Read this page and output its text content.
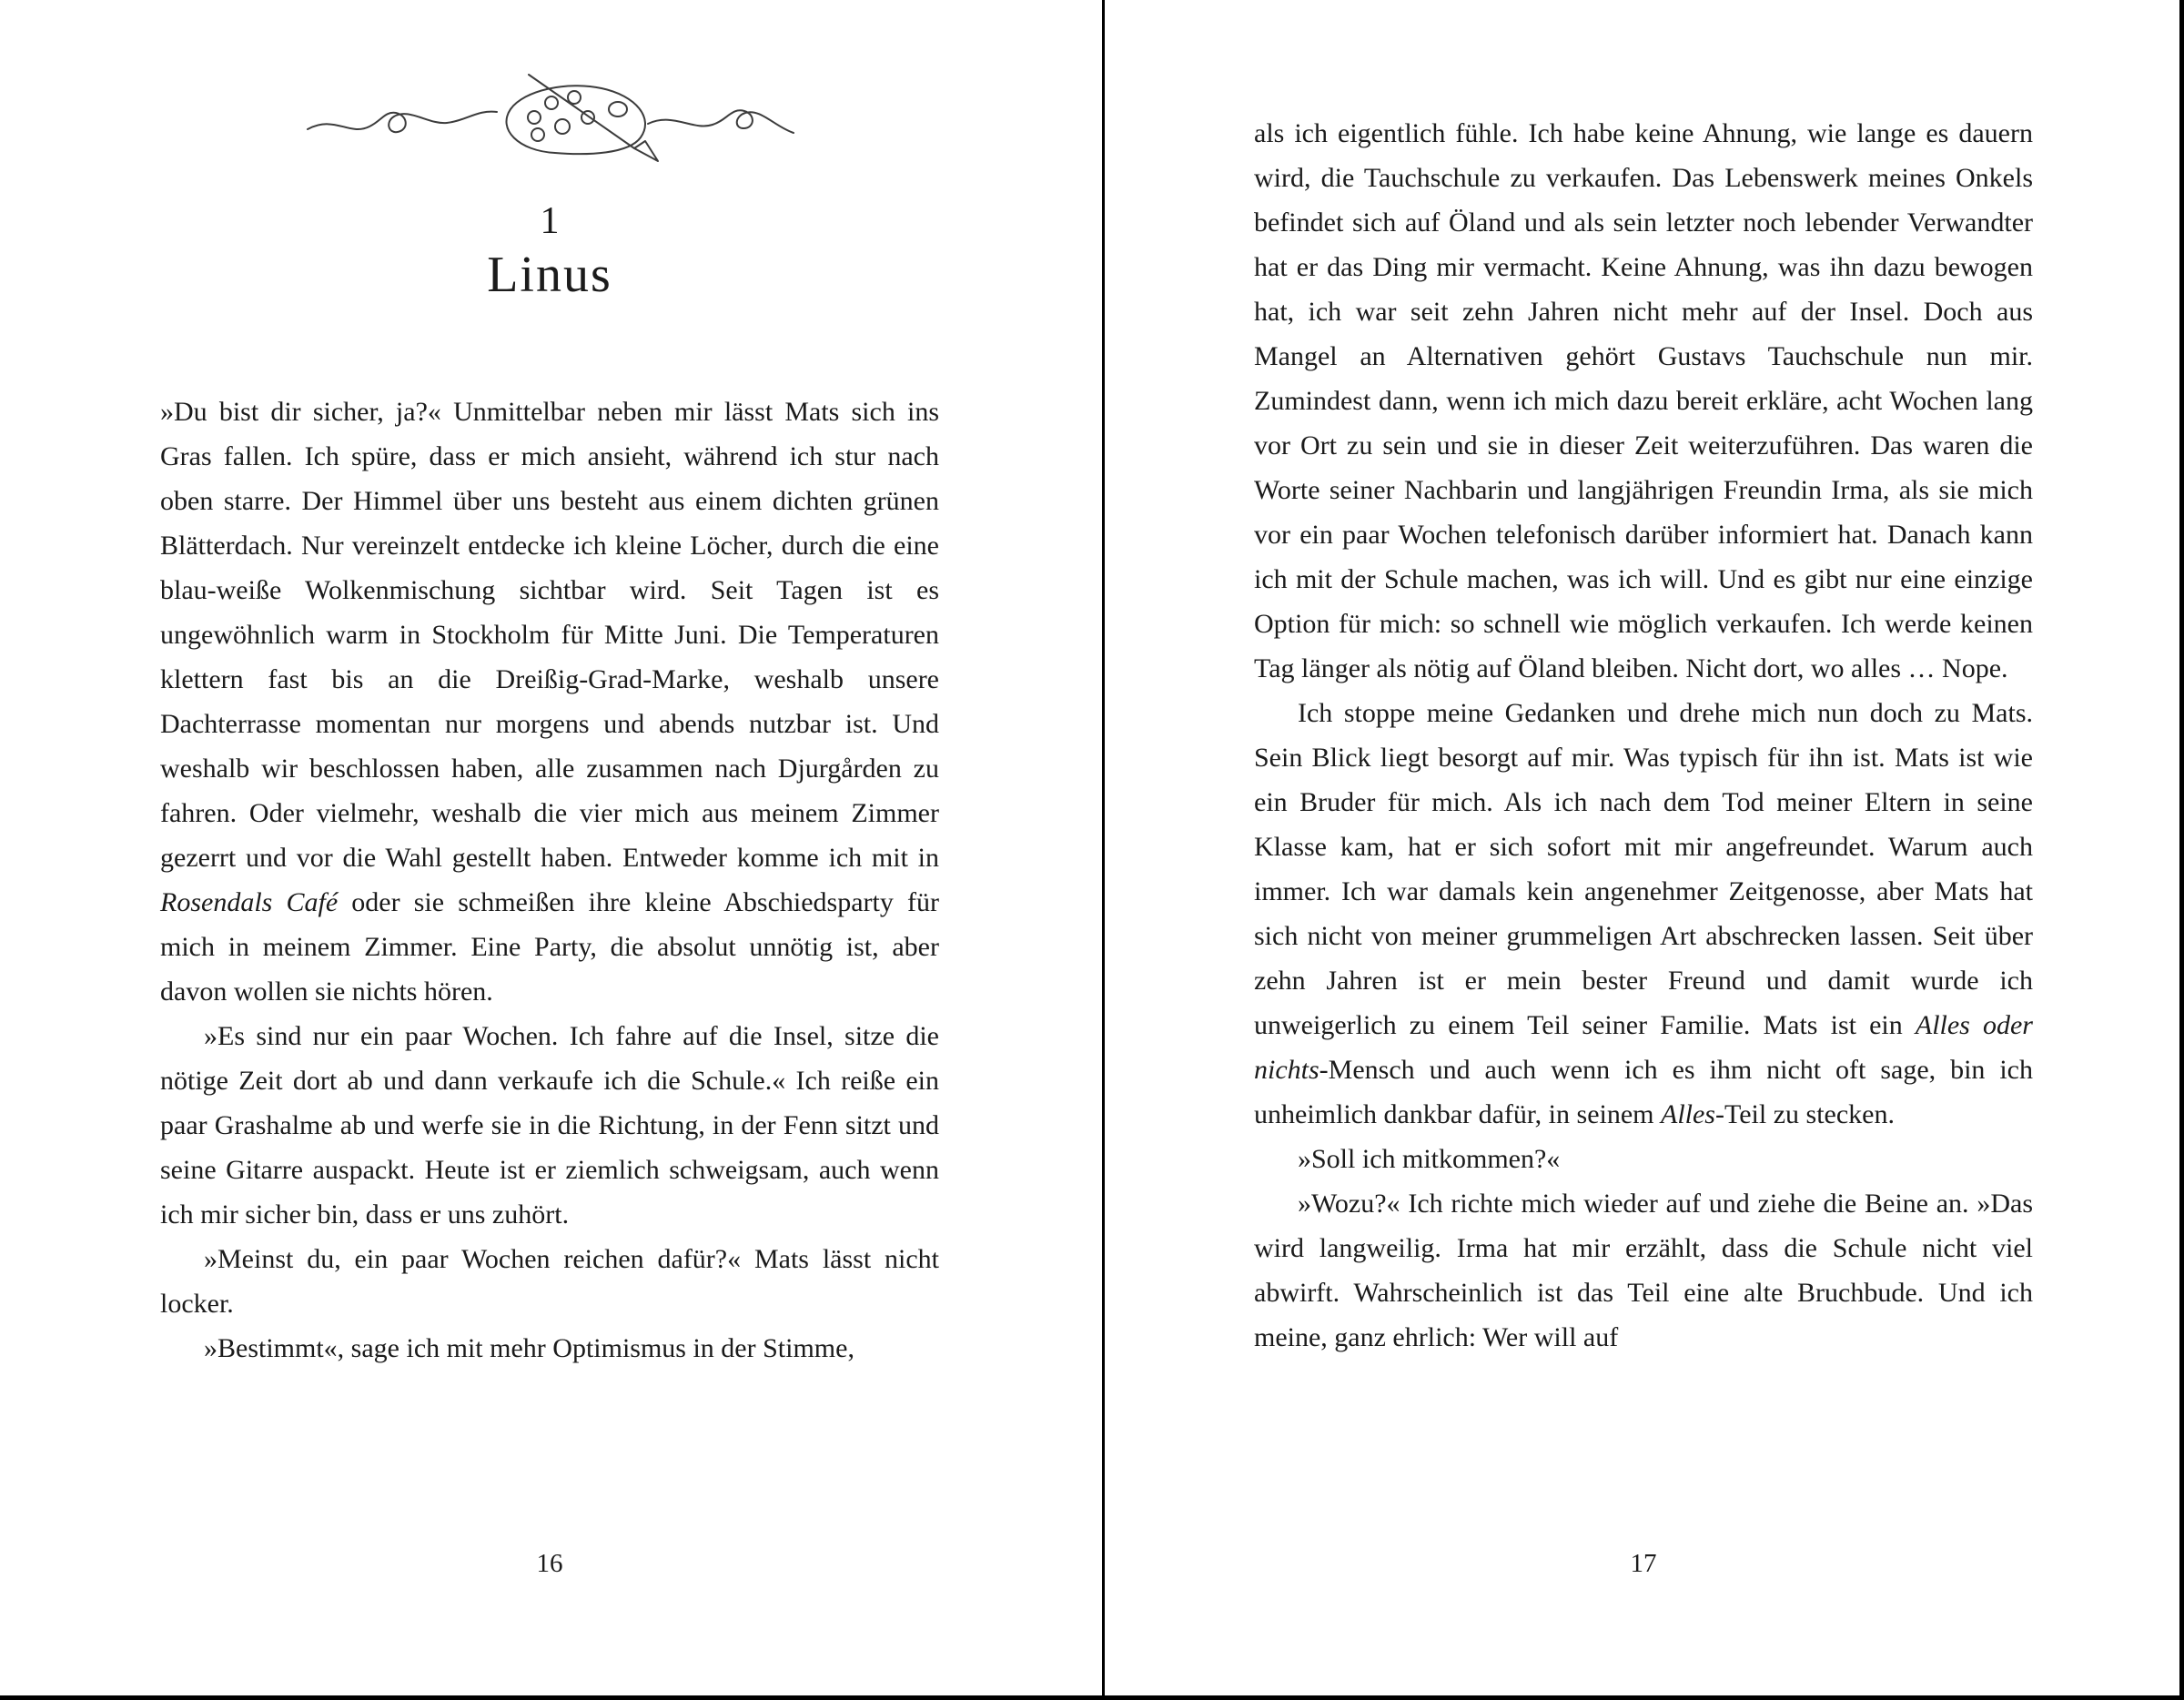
1
Linus

»Du bist dir sicher, ja?« Unmittelbar neben mir lässt Mats sich ins Gras fallen. Ich spüre, dass er mich ansieht, während ich stur nach oben starre. Der Himmel über uns besteht aus einem dichten grünen Blätterdach. Nur vereinzelt entdecke ich kleine Löcher, durch die eine blau-weiße Wolkenmischung sichtbar wird. Seit Tagen ist es ungewöhnlich warm in Stockholm für Mitte Juni. Die Temperaturen klettern fast bis an die Dreißig-Grad-Marke, weshalb unsere Dachterrasse momentan nur morgens und abends nutzbar ist. Und weshalb wir beschlossen haben, alle zusammen nach Djurgården zu fahren. Oder vielmehr, weshalb die vier mich aus meinem Zimmer gezerrt und vor die Wahl gestellt haben. Entweder komme ich mit in Rosendals Café oder sie schmeißen ihre kleine Abschiedsparty für mich in meinem Zimmer. Eine Party, die absolut unnötig ist, aber davon wollen sie nichts hören.

»Es sind nur ein paar Wochen. Ich fahre auf die Insel, sitze die nötige Zeit dort ab und dann verkaufe ich die Schule.« Ich reiße ein paar Grashalme ab und werfe sie in die Richtung, in der Fenn sitzt und seine Gitarre auspackt. Heute ist er ziemlich schweigsam, auch wenn ich mir sicher bin, dass er uns zuhört.

»Meinst du, ein paar Wochen reichen dafür?« Mats lässt nicht locker.

»Bestimmt«, sage ich mit mehr Optimismus in der Stimme,

16

als ich eigentlich fühle. Ich habe keine Ahnung, wie lange es dauern wird, die Tauchschule zu verkaufen. Das Lebenswerk meines Onkels befindet sich auf Öland und als sein letzter noch lebender Verwandter hat er das Ding mir vermacht. Keine Ahnung, was ihn dazu bewogen hat, ich war seit zehn Jahren nicht mehr auf der Insel. Doch aus Mangel an Alternativen gehört Gustavs Tauchschule nun mir. Zumindest dann, wenn ich mich dazu bereit erkläre, acht Wochen lang vor Ort zu sein und sie in dieser Zeit weiterzuführen. Das waren die Worte seiner Nachbarin und langjährigen Freundin Irma, als sie mich vor ein paar Wochen telefonisch darüber informiert hat. Danach kann ich mit der Schule machen, was ich will. Und es gibt nur eine einzige Option für mich: so schnell wie möglich verkaufen. Ich werde keinen Tag länger als nötig auf Öland bleiben. Nicht dort, wo alles … Nope.

Ich stoppe meine Gedanken und drehe mich nun doch zu Mats. Sein Blick liegt besorgt auf mir. Was typisch für ihn ist. Mats ist wie ein Bruder für mich. Als ich nach dem Tod meiner Eltern in seine Klasse kam, hat er sich sofort mit mir angefreundet. Warum auch immer. Ich war damals kein angenehmer Zeitgenosse, aber Mats hat sich nicht von meiner grummeligen Art abschrecken lassen. Seit über zehn Jahren ist er mein bester Freund und damit wurde ich unweigerlich zu einem Teil seiner Familie. Mats ist ein Alles oder nichts-Mensch und auch wenn ich es ihm nicht oft sage, bin ich unheimlich dankbar dafür, in seinem Alles-Teil zu stecken.

»Soll ich mitkommen?«

»Wozu?« Ich richte mich wieder auf und ziehe die Beine an. »Das wird langweilig. Irma hat mir erzählt, dass die Schule nicht viel abwirft. Wahrscheinlich ist das Teil eine alte Bruchbude. Und ich meine, ganz ehrlich: Wer will auf

17
